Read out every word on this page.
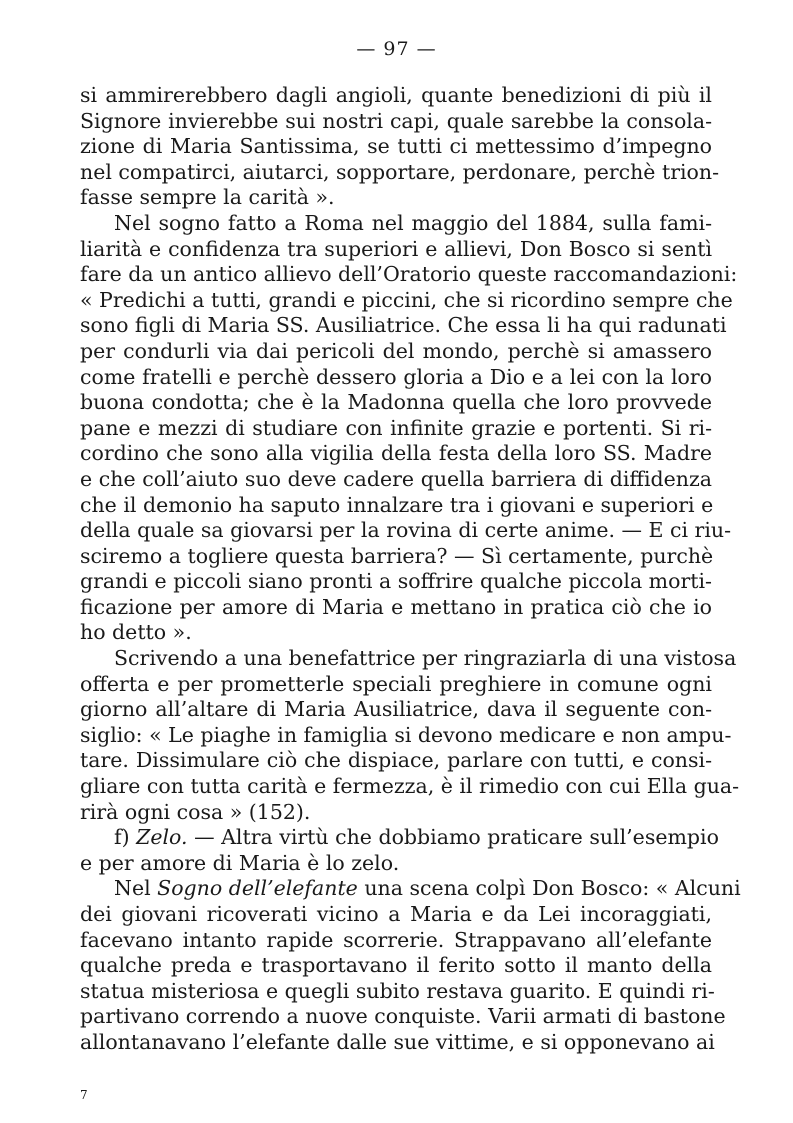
— 97 —
si ammirerebbero dagli angioli, quante benedizioni di più il
Signore invierebbe sui nostri capi, quale sarebbe la consola-
zione di Maria Santissima, se tutti ci mettessimo d’impegno
nel compatirci, aiutarci, sopportare, perdonare, perchè trion-
fasse sempre la carità ».
Nel sogno fatto a Roma nel maggio del 1884, sulla fami-
liarità e confidenza tra superiori e allievi, Don Bosco si sentì
fare da un antico allievo dell’Oratorio queste raccomandazioni:
« Predichi a tutti, grandi e piccini, che si ricordino sempre che
sono figli di Maria SS. Ausiliatrice. Che essa li ha qui radunati
per condurli via dai pericoli del mondo, perchè si amassero
come fratelli e perchè dessero gloria a Dio e a lei con la loro
buona condotta; che è la Madonna quella che loro provvede
pane e mezzi di studiare con infinite grazie e portenti. Si ri-
cordino che sono alla vigilia della festa della loro SS. Madre
e che coll’aiuto suo deve cadere quella barriera di diffidenza
che il demonio ha saputo innalzare tra i giovani e superiori e
della quale sa giovarsi per la rovina di certe anime. — E ci riu-
sciremo a togliere questa barriera? — Sì certamente, purchè
grandi e piccoli siano pronti a soffrire qualche piccola morti-
ficazione per amore di Maria e mettano in pratica ciò che io
ho detto ».
Scrivendo a una benefattrice per ringraziarla di una vistosa
offerta e per prometterle speciali preghiere in comune ogni
giorno all’altare di Maria Ausiliatrice, dava il seguente con-
siglio: « Le piaghe in famiglia si devono medicare e non ampu-
tare. Dissimulare ciò che dispiace, parlare con tutti, e consi-
gliare con tutta carità e fermezza, è il rimedio con cui Ella gua-
rirà ogni cosa » (152).
f) Zelo. — Altra virtù che dobbiamo praticare sull’esempio
e per amore di Maria è lo zelo.
Nel Sogno dell’elefante una scena colpì Don Bosco: « Alcuni
dei giovani ricoverati vicino a Maria e da Lei incoraggiati,
facevano intanto rapide scorrerie. Strappavano all’elefante
qualche preda e trasportavano il ferito sotto il manto della
statua misteriosa e quegli subito restava guarito. E quindi ri-
partivano correndo a nuove conquiste. Varii armati di bastone
allontanavano l’elefante dalle sue vittime, e si opponevano ai
7
